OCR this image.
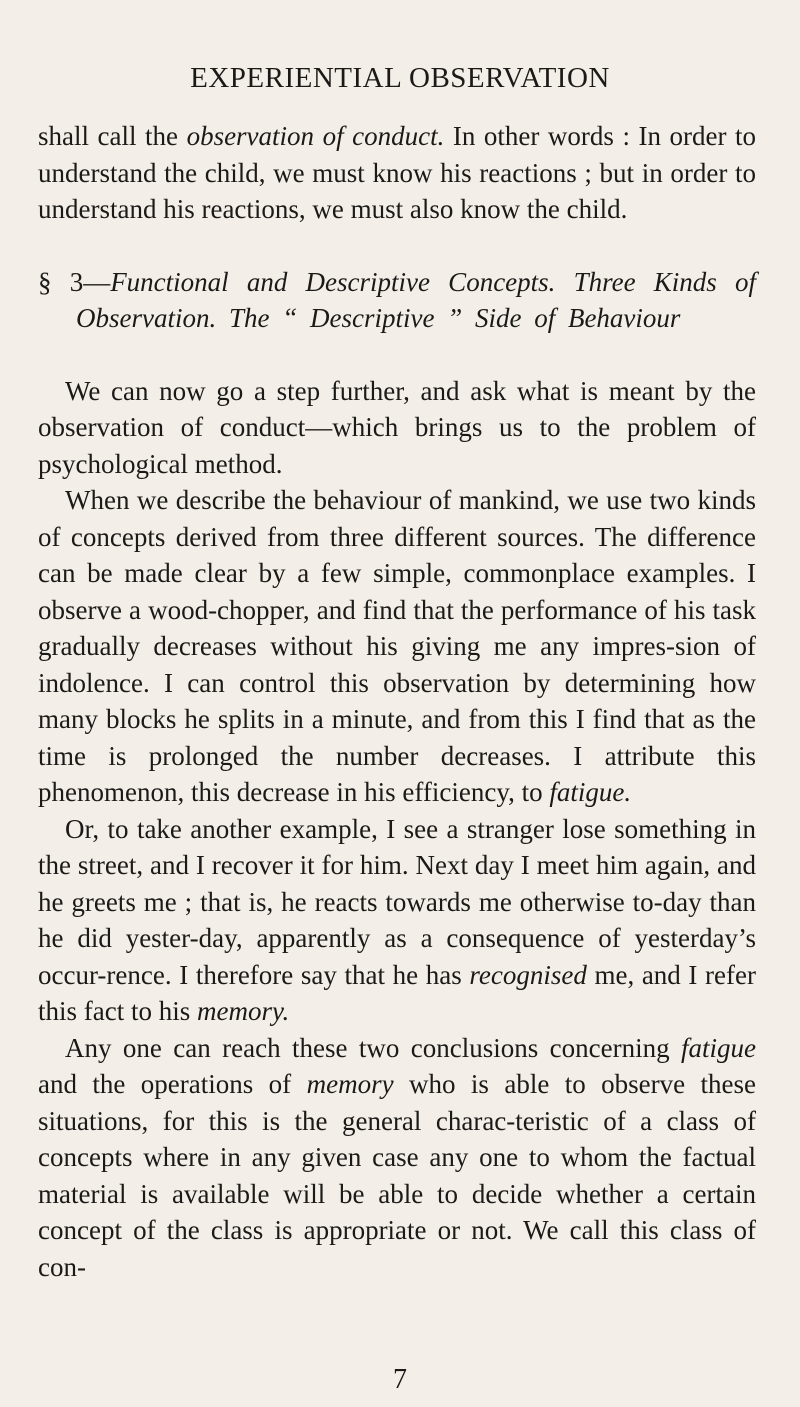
EXPERIENTIAL OBSERVATION

shall call the observation of conduct. In other words : In order to understand the child, we must know his reactions ; but in order to understand his reactions, we must also know the child.

§ 3—Functional and Descriptive Concepts. Three Kinds of Observation. The “ Descriptive ” Side of Behaviour

We can now go a step further, and ask what is meant by the observation of conduct—which brings us to the problem of psychological method.

When we describe the behaviour of mankind, we use two kinds of concepts derived from three different sources. The difference can be made clear by a few simple, commonplace examples. I observe a wood-chopper, and find that the performance of his task gradually decreases without his giving me any impres-sion of indolence. I can control this observation by determining how many blocks he splits in a minute, and from this I find that as the time is prolonged the number decreases. I attribute this phenomenon, this decrease in his efficiency, to fatigue.

Or, to take another example, I see a stranger lose something in the street, and I recover it for him. Next day I meet him again, and he greets me ; that is, he reacts towards me otherwise to-day than he did yester-day, apparently as a consequence of yesterday’s occur-rence. I therefore say that he has recognised me, and I refer this fact to his memory.

Any one can reach these two conclusions concerning fatigue and the operations of memory who is able to observe these situations, for this is the general charac-teristic of a class of concepts where in any given case any one to whom the factual material is available will be able to decide whether a certain concept of the class is appropriate or not. We call this class of con-

7
